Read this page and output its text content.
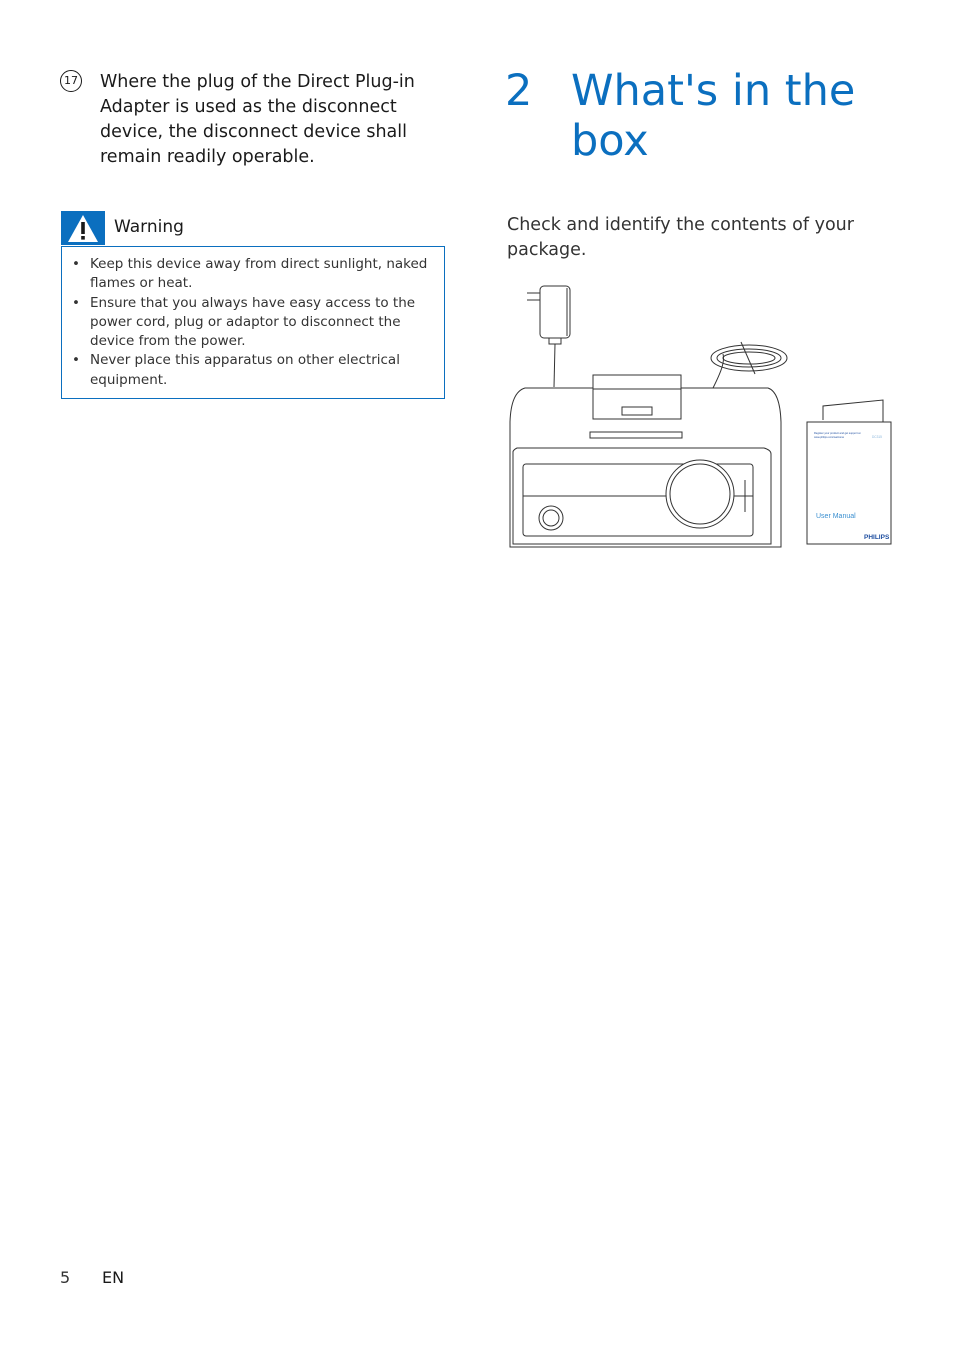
17 Where the plug of the Direct Plug-in Adapter is used as the disconnect device, the disconnect device shall remain readily operable.
Warning
• Keep this device away from direct sunlight, naked flames or heat.
• Ensure that you always have easy access to the power cord, plug or adaptor to disconnect the device from the power.
• Never place this apparatus on other electrical equipment.
2 What's in the box
Check and identify the contents of your package.
Register your product and get support at
www.philips.com/welcome	DC315
User Manual
PHILIPS
5 EN
